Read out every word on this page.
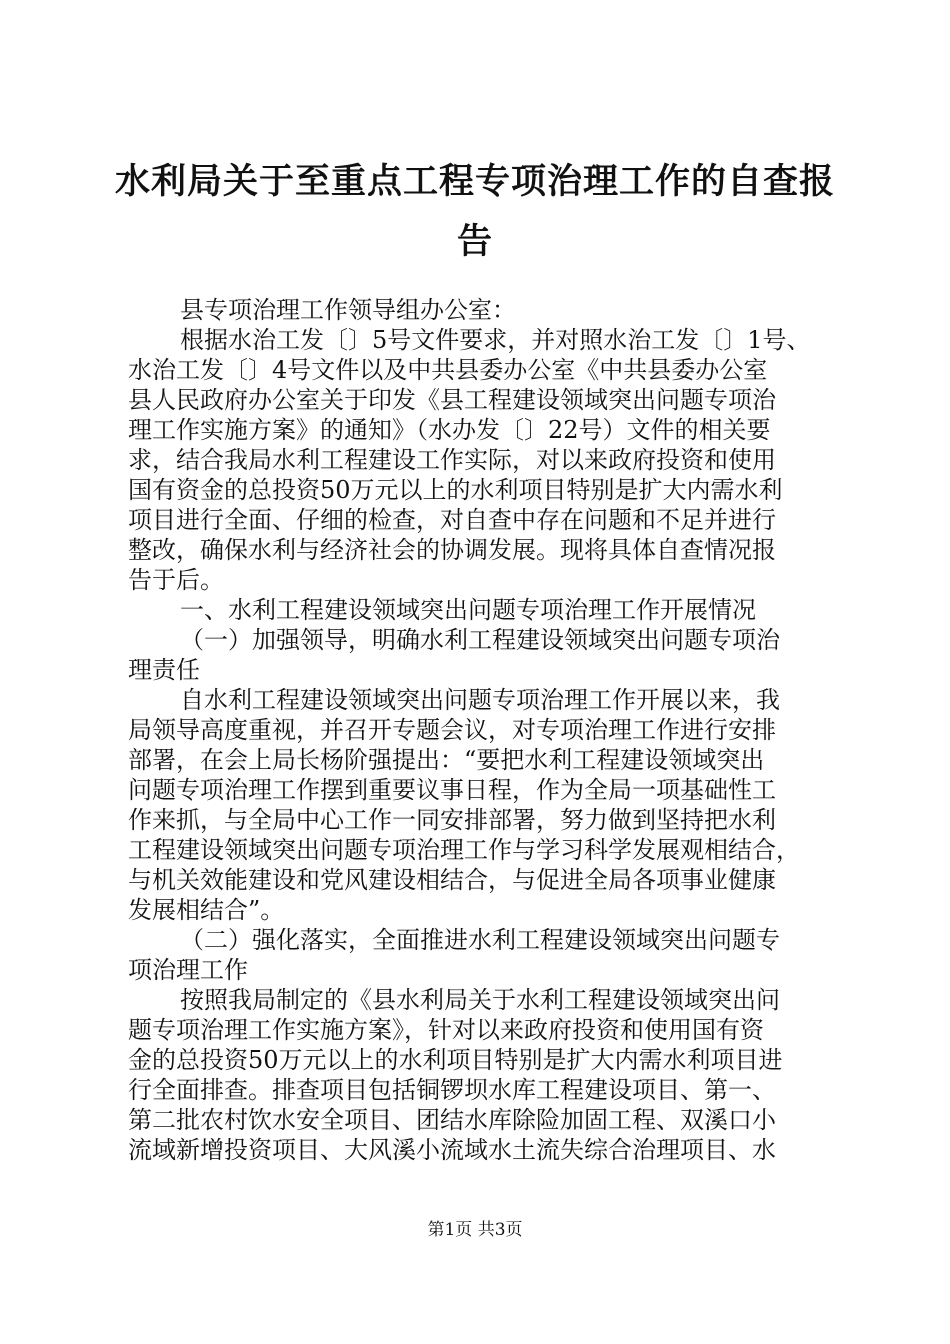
水利局关于至重点工程专项治理工作的自查报
告
县专项治理工作领导组办公室：
根据水治工发〔〕5号文件要求，并对照水治工发〔〕1号、
水治工发〔〕4号文件以及中共县委办公室《中共县委办公室
县人民政府办公室关于印发《县工程建设领域突出问题专项治
理工作实施方案》的通知》（水办发〔〕22号）文件的相关要
求，结合我局水利工程建设工作实际，对以来政府投资和使用
国有资金的总投资50万元以上的水利项目特别是扩大内需水利
项目进行全面、仔细的检查，对自查中存在问题和不足并进行
整改，确保水利与经济社会的协调发展。现将具体自查情况报
告于后。
一、水利工程建设领域突出问题专项治理工作开展情况
（一）加强领导，明确水利工程建设领域突出问题专项治
理责任
自水利工程建设领域突出问题专项治理工作开展以来，我
局领导高度重视，并召开专题会议，对专项治理工作进行安排
部署，在会上局长杨阶强提出：“要把水利工程建设领域突出
问题专项治理工作摆到重要议事日程，作为全局一项基础性工
作来抓，与全局中心工作一同安排部署，努力做到坚持把水利
工程建设领域突出问题专项治理工作与学习科学发展观相结合，
与机关效能建设和党风建设相结合，与促进全局各项事业健康
发展相结合”。
（二）强化落实，全面推进水利工程建设领域突出问题专
项治理工作
按照我局制定的《县水利局关于水利工程建设领域突出问
题专项治理工作实施方案》，针对以来政府投资和使用国有资
金的总投资50万元以上的水利项目特别是扩大内需水利项目进
行全面排查。排查项目包括铜锣坝水库工程建设项目、第一、
第二批农村饮水安全项目、团结水库除险加固工程、双溪口小
流域新增投资项目、大风溪小流域水土流失综合治理项目、水
第1页 共3页
